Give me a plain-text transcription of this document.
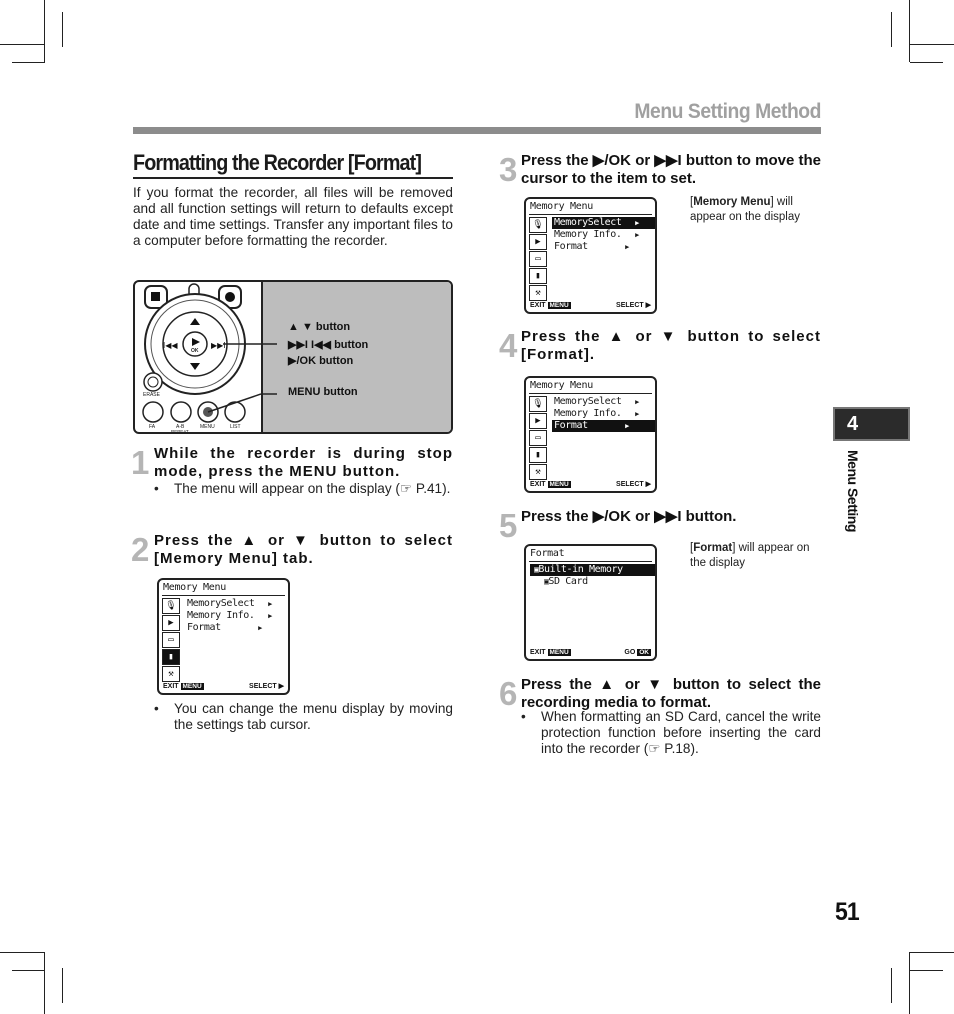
Menu Setting Method
Formatting the Recorder [Format]
If you format the recorder, all files will be removed and all function settings will return to defaults except date and time settings. Transfer any important files to a computer before formatting the recorder.
I◀◀	▶▶I
OK
ERASE
FA	A-B
REPEAT
MENU	LIST
▲ ▼ button
▶▶I I◀◀ button
▶/OK button
MENU button
1 While the recorder is during stop mode, press the MENU button.
•	The menu will appear on the display (☞ P.41).
2 Press the ▲ or ▼ button to select [Memory Menu] tab.
Memory Menu
🎙
▶
▭
▮
⚒
MemorySelect ▶
Memory Info. ▶
Format	▶
EXIT MENU	SELECT ▶
•	You can change the menu display by moving the settings tab cursor.
3 Press the ▶/OK or ▶▶I button to move the cursor to the item to set.
Memory Menu
🎙
▶
▭
▮
⚒
MemorySelect ▶
Memory Info. ▶
Format	▶
EXIT MENU	SELECT ▶
[Memory Menu] will appear on the display
4 Press the ▲ or ▼ button to select [Format].
Memory Menu
🎙
▶
▭
▮
⚒
MemorySelect ▶
Memory Info. ▶
Format	▶
EXIT MENU	SELECT ▶
5 Press the ▶/OK or ▶▶I button.
Format
▣Built-in Memory
▣SD Card
EXIT MENU	GO OK
[Format] will appear on the display
6 Press the ▲ or ▼ button to select the recording media to format.
•	When formatting an SD Card, cancel the write protection function before inserting the card into the recorder (☞ P.18).
4
Menu Setting
51
